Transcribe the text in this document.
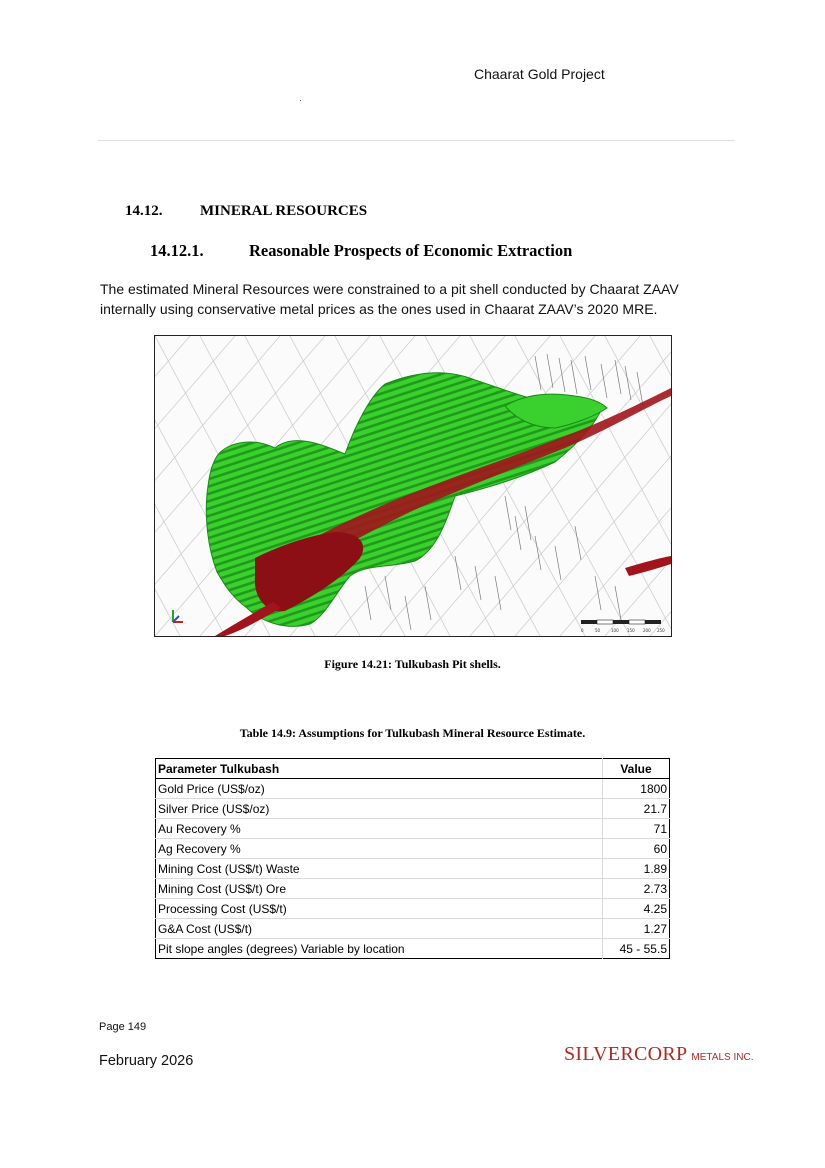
Chaarat Gold Project
14.12.	MINERAL RESOURCES
14.12.1.	Reasonable Prospects of Economic Extraction
The estimated Mineral Resources were constrained to a pit shell conducted by Chaarat ZAAV internally using conservative metal prices as the ones used in Chaarat ZAAV’s 2020 MRE.
0	50	100 150 200 250
Figure 14.21: Tulkubash Pit shells.
Table 14.9: Assumptions for Tulkubash Mineral Resource Estimate.
Parameter Tulkubash	Value
Gold Price (US$/oz)	1800
Silver Price (US$/oz)	21.7
Au Recovery %	71
Ag Recovery %	60
Mining Cost (US$/t) Waste	1.89
Mining Cost (US$/t) Ore	2.73
Processing Cost (US$/t)	4.25
G&A Cost (US$/t)	1.27
Pit slope angles (degrees) Variable by location	45 - 55.5
Page 149
February 2026	SILVERCORP METALS INC.
